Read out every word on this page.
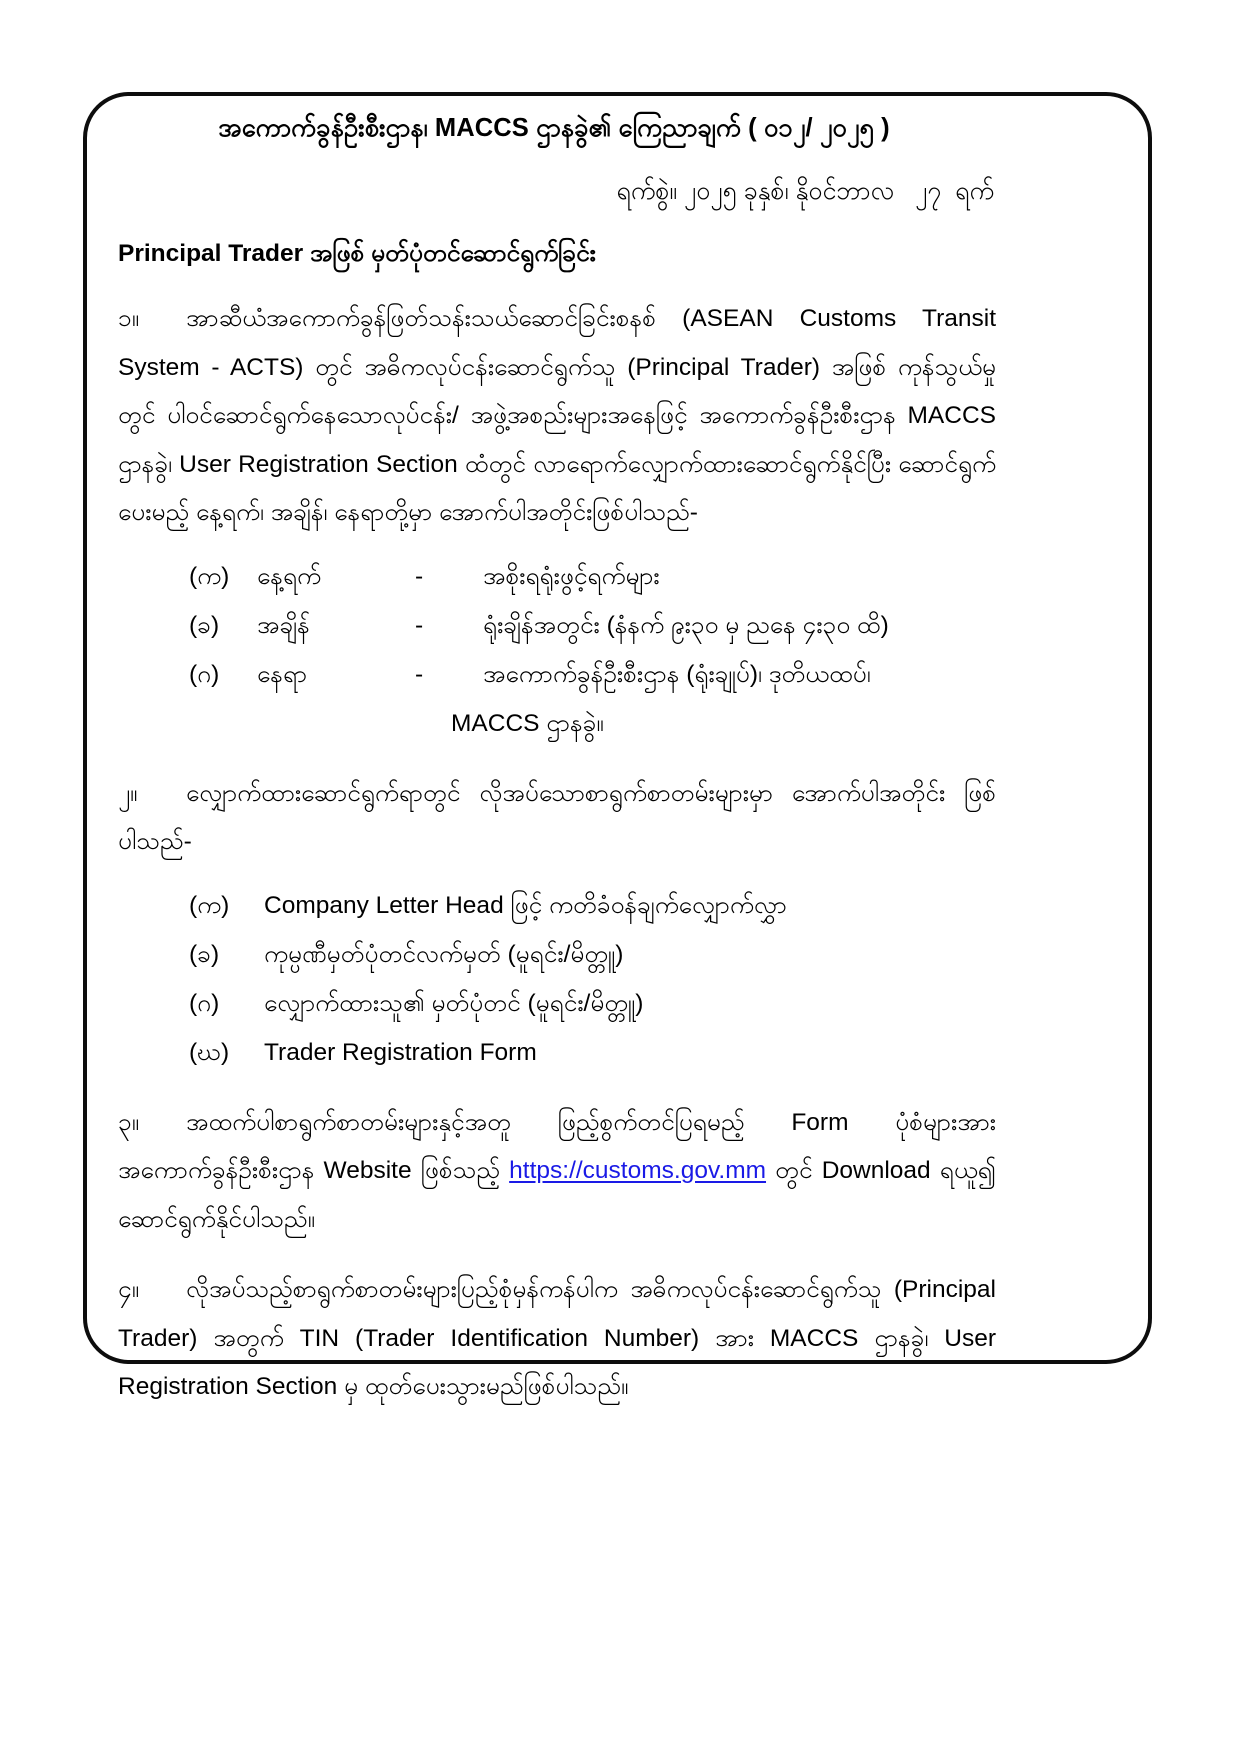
အကောက်ခွန်ဦးစီးဌာန၊ MACCS ဌာနခွဲ၏ ကြေညာချက် ( ၀၁၂/ ၂၀၂၅ )
ရက်စွဲ။ ၂၀၂၅ ခုနှစ်၊ နိုဝင်ဘာလ   ၂၇  ရက်
Principal Trader အဖြစ် မှတ်ပုံတင်ဆောင်ရွက်ခြင်း

၁။ အာဆီယံအကောက်ခွန်ဖြတ်သန်းသယ်ဆောင်ခြင်းစနစ် (ASEAN Customs Transit System - ACTS) တွင် အဓိကလုပ်ငန်းဆောင်ရွက်သူ (Principal Trader) အဖြစ် ကုန်သွယ်မှု တွင် ပါဝင်ဆောင်ရွက်နေသောလုပ်ငန်း/ အဖွဲ့အစည်းများအနေဖြင့် အကောက်ခွန်ဦးစီးဌာန MACCS ဌာနခွဲ၊ User Registration Section ထံတွင် လာရောက်လျှောက်ထားဆောင်ရွက်နိုင်ပြီး ဆောင်ရွက်ပေးမည့် နေ့ရက်၊ အချိန်၊ နေရာတို့မှာ အောက်ပါအတိုင်းဖြစ်ပါသည်-

(က)	နေ့ရက်	-	အစိုးရရုံးဖွင့်ရက်များ
(ခ)	အချိန်	-	ရုံးချိန်အတွင်း (နံနက် ၉း၃၀ မှ ညနေ ၄း၃၀ ထိ)
(ဂ)	နေရာ	-	အကောက်ခွန်ဦးစီးဌာန (ရုံးချုပ်)၊ ဒုတိယထပ်၊
MACCS ဌာနခွဲ။

၂။ လျှောက်ထားဆောင်ရွက်ရာတွင် လိုအပ်သောစာရွက်စာတမ်းများမှာ အောက်ပါအတိုင်း ဖြစ်ပါသည်-

(က)	Company Letter Head ဖြင့် ကတိခံဝန်ချက်လျှောက်လွှာ
(ခ)	ကုမ္ပဏီမှတ်ပုံတင်လက်မှတ် (မူရင်း/မိတ္တူ)
(ဂ)	လျှောက်ထားသူ၏ မှတ်ပုံတင် (မူရင်း/မိတ္တူ)
(ဃ)	Trader Registration Form

၃။ အထက်ပါစာရွက်စာတမ်းများနှင့်အတူ ဖြည့်စွက်တင်ပြရမည့် Form ပုံစံများအား အကောက်ခွန်ဦးစီးဌာန Website ဖြစ်သည့် https://customs.gov.mm တွင် Download ရယူ၍ ဆောင်ရွက်နိုင်ပါသည်။

၄။ လိုအပ်သည့်စာရွက်စာတမ်းများပြည့်စုံမှန်ကန်ပါက အဓိကလုပ်ငန်းဆောင်ရွက်သူ (Principal Trader) အတွက် TIN (Trader Identification Number) အား MACCS ဌာနခွဲ၊ User Registration Section မှ ထုတ်ပေးသွားမည်ဖြစ်ပါသည်။
